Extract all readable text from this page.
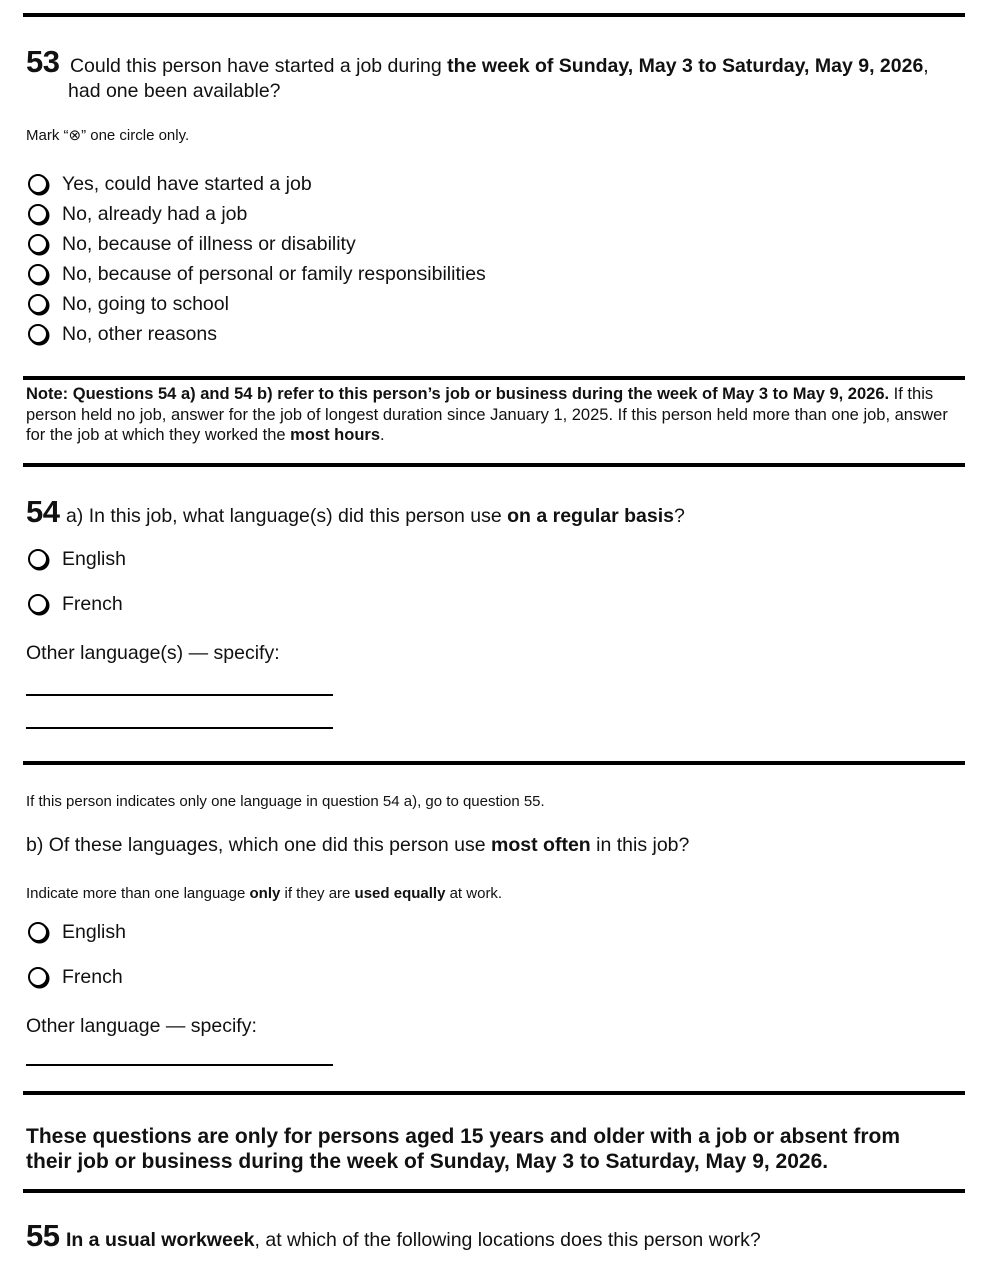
53 Could this person have started a job during the week of Sunday, May 3 to Saturday, May 9, 2026,
had one been available?
Mark “⊗” one circle only.
Yes, could have started a job
No, already had a job
No, because of illness or disability
No, because of personal or family responsibilities
No, going to school
No, other reasons
Note: Questions 54 a) and 54 b) refer to this person’s job or business during the week of May 3 to May 9, 2026. If this person held no job, answer for the job of longest duration since January 1, 2025. If this person held more than one job, answer for the job at which they worked the most hours.
54 a) In this job, what language(s) did this person use on a regular basis?
English
French
Other language(s) — specify:
If this person indicates only one language in question 54 a), go to question 55.
b) Of these languages, which one did this person use most often in this job?
Indicate more than one language only if they are used equally at work.
English
French
Other language — specify:
These questions are only for persons aged 15 years and older with a job or absent from
their job or business during the week of Sunday, May 3 to Saturday, May 9, 2026.
55 In a usual workweek, at which of the following locations does this person work?
